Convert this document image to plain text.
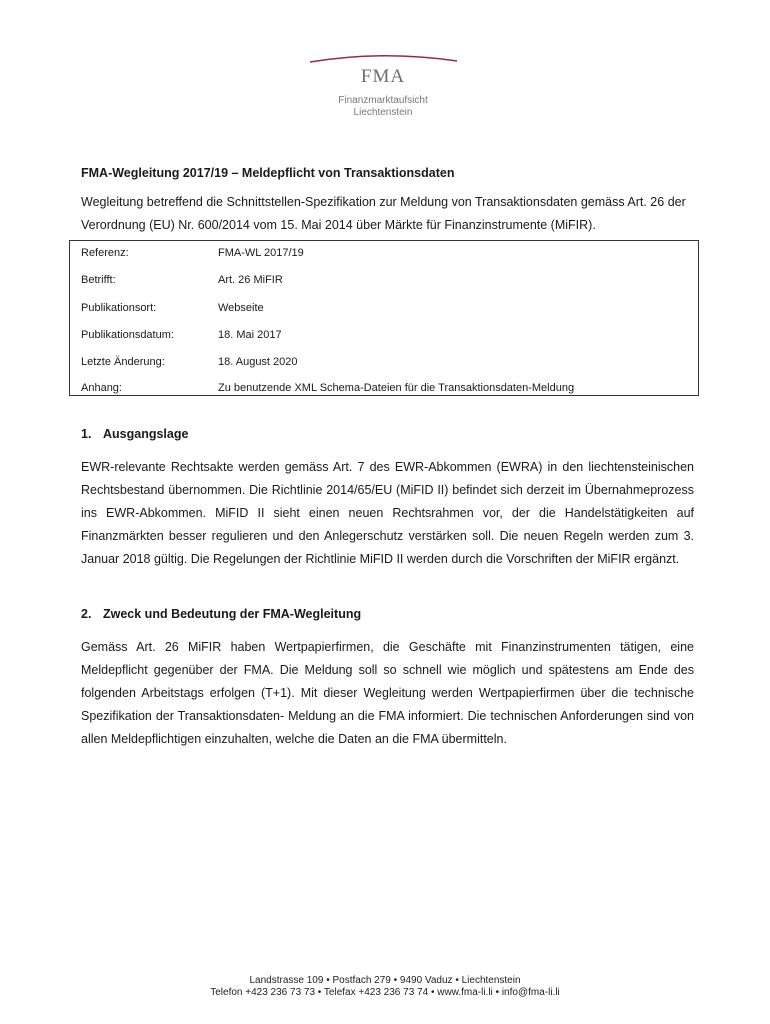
FMA
Finanzmarktaufsicht
Liechtenstein
FMA-Wegleitung 2017/19 – Meldepflicht von Transaktionsdaten
Wegleitung betreffend die Schnittstellen-Spezifikation zur Meldung von Transaktionsdaten gemäss Art. 26 der Verordnung (EU) Nr. 600/2014 vom 15. Mai 2014 über Märkte für Finanzinstrumente (MiFIR).
Referenz:	FMA-WL 2017/19
Betrifft:	Art. 26 MiFIR
Publikationsort:	Webseite
Publikationsdatum:	18. Mai 2017
Letzte Änderung:	18. August 2020
Anhang:	Zu benutzende XML Schema-Dateien für die Transaktionsdaten-Meldung
1. Ausgangslage
EWR-relevante Rechtsakte werden gemäss Art. 7 des EWR-Abkommen (EWRA) in den liechtensteinischen Rechtsbestand übernommen. Die Richtlinie 2014/65/EU (MiFID II) befindet sich derzeit im Übernahmeprozess ins EWR-Abkommen. MiFID II sieht einen neuen Rechtsrahmen vor, der die Handelstätigkeiten auf Finanzmärkten besser regulieren und den Anlegerschutz verstärken soll. Die neuen Regeln werden zum 3. Januar 2018 gültig. Die Regelungen der Richtlinie MiFID II werden durch die Vorschriften der MiFIR ergänzt.
2. Zweck und Bedeutung der FMA-Wegleitung
Gemäss Art. 26 MiFIR haben Wertpapierfirmen, die Geschäfte mit Finanzinstrumenten tätigen, eine Meldepflicht gegenüber der FMA. Die Meldung soll so schnell wie möglich und spätestens am Ende des folgenden Arbeitstags erfolgen (T+1). Mit dieser Wegleitung werden Wertpapierfirmen über die technische Spezifikation der Transaktionsdaten- Meldung an die FMA informiert. Die technischen Anforderungen sind von allen Meldepflichtigen einzuhalten, welche die Daten an die FMA übermitteln.
Landstrasse 109 • Postfach 279 • 9490 Vaduz • Liechtenstein
Telefon +423 236 73 73 • Telefax +423 236 73 74 • www.fma-li.li • info@fma-li.li
